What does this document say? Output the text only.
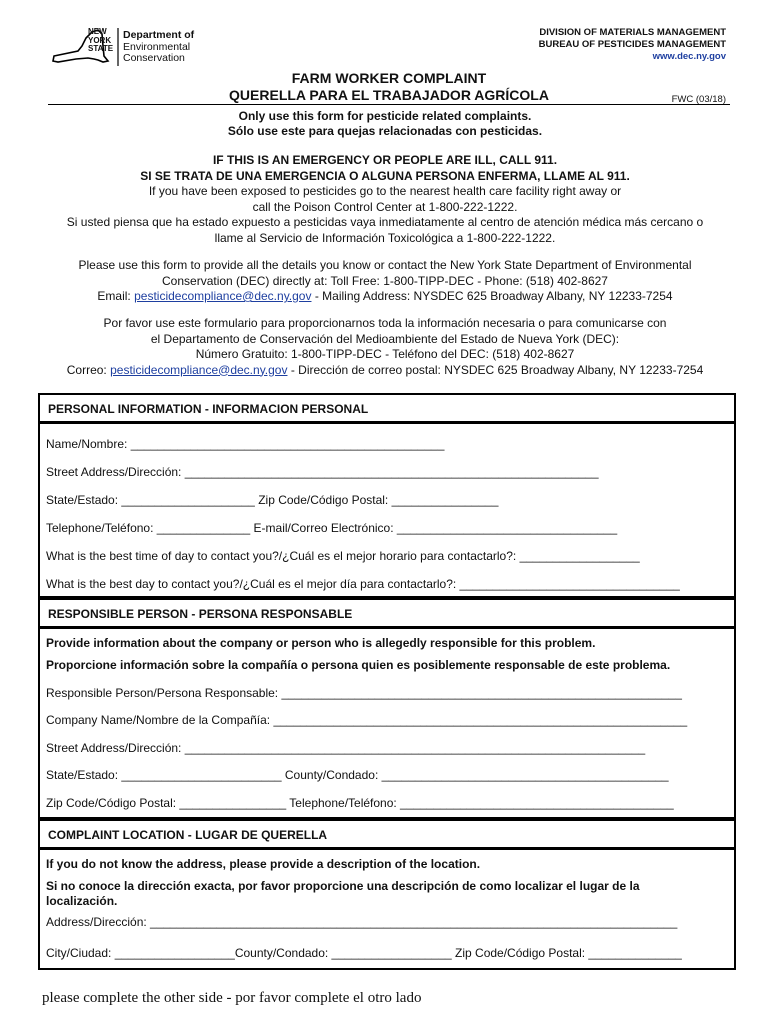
NEW
YORK
STATE
Department of
Environmental
Conservation
DIVISION OF MATERIALS MANAGEMENT
BUREAU OF PESTICIDES MANAGEMENT
www.dec.ny.gov
FARM WORKER COMPLAINT
QUERELLA PARA EL TRABAJADOR AGRÍCOLA	FWC (03/18)
Only use this form for pesticide related complaints.
Sólo use este para quejas relacionadas con pesticidas.
IF THIS IS AN EMERGENCY OR PEOPLE ARE ILL, CALL 911.
SI SE TRATA DE UNA EMERGENCIA O ALGUNA PERSONA ENFERMA, LLAME AL 911.
If you have been exposed to pesticides go to the nearest health care facility right away or
call the Poison Control Center at 1-800-222-1222.
Si usted piensa que ha estado expuesto a pesticidas vaya inmediatamente al centro de atención médica más cercano o
llame al Servicio de Información Toxicológica a 1-800-222-1222.
Please use this form to provide all the details you know or contact the New York State Department of Environmental
Conservation (DEC) directly at: Toll Free: 1-800-TIPP-DEC - Phone: (518) 402-8627
Email: pesticidecompliance@dec.ny.gov - Mailing Address: NYSDEC 625 Broadway Albany, NY 12233-7254
Por favor use este formulario para proporcionarnos toda la información necesaria o para comunicarse con
el Departamento de Conservación del Medioambiente del Estado de Nueva York (DEC):
Número Gratuito: 1-800-TIPP-DEC - Teléfono del DEC: (518) 402-8627
Correo: pesticidecompliance@dec.ny.gov - Dirección de correo postal: NYSDEC 625 Broadway Albany, NY 12233-7254
PERSONAL INFORMATION - INFORMACION PERSONAL
Name/Nombre: _______________________________________________
Street Address/Dirección: ______________________________________________________________
State/Estado: ____________________ Zip Code/Código Postal: ________________
Telephone/Teléfono: ______________ E-mail/Correo Electrónico: _________________________________
What is the best time of day to contact you?/¿Cuál es el mejor horario para contactarlo?: __________________
What is the best day to contact you?/¿Cuál es el mejor día para contactarlo?: _________________________________
RESPONSIBLE PERSON - PERSONA RESPONSABLE
Provide information about the company or person who is allegedly responsible for this problem.
Proporcione información sobre la compañía o persona quien es posiblemente responsable de este problema.
Responsible Person/Persona Responsable: ____________________________________________________________
Company Name/Nombre de la Compañía: ______________________________________________________________
Street Address/Dirección: _____________________________________________________________________
State/Estado: ________________________ County/Condado: ___________________________________________
Zip Code/Código Postal: ________________ Telephone/Teléfono: _________________________________________
COMPLAINT LOCATION - LUGAR DE QUERELLA
If you do not know the address, please provide a description of the location.
Si no conoce la dirección exacta, por favor proporcione una descripción de como localizar el lugar de la
localización.
Address/Dirección: _______________________________________________________________________________
City/Ciudad: __________________County/Condado: __________________ Zip Code/Código Postal: ______________
please complete the other side - por favor complete el otro lado
